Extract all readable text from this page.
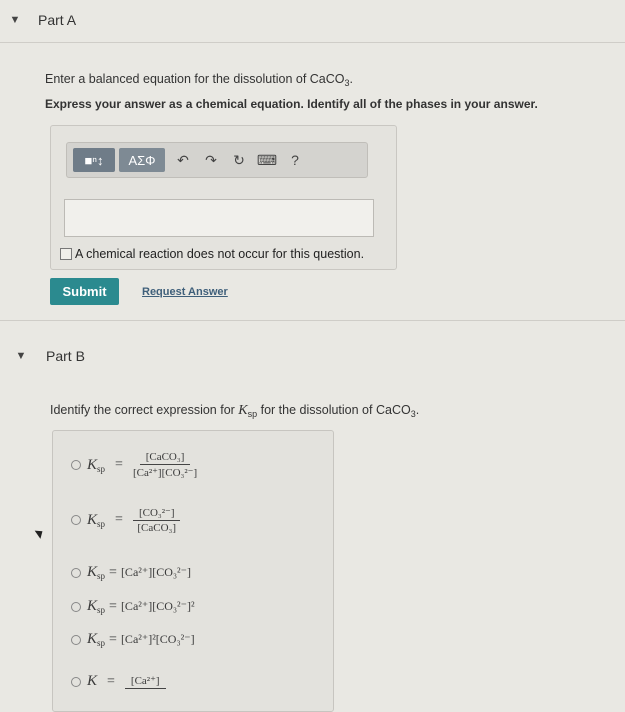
▼ Part A
Enter a balanced equation for the dissolution of CaCO$_3$.
Express your answer as a chemical equation. Identify all of the phases in your answer.
■ⁿ↕	ΑΣΦ	↶	↷	↻ ⌨ ?
A chemical reaction does not occur for this question.
Submit	Request Answer
▼ Part B
Identify the correct expression for $K_{sp}$ for the dissolution of CaCO$_3$.
$K_{sp} = \frac{\text{[CaCO₃]}}{\text{[Ca²⁺][CO₃²⁻]}}$
$K_{sp} = \frac{\text{[CO₃²⁻]}}{\text{[CaCO₃]}}$
$K_{sp} = [Ca^{2+}][CO_3^{2-}]$
$K_{sp} = [Ca^{2+}][CO_3^{2-}]^2$
$K_{sp} = [Ca^{2+}]^2[CO_3^{2-}]$
K =	[Ca²⁺]
